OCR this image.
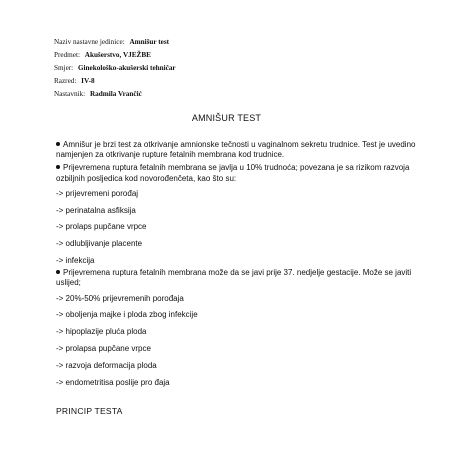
Naziv nastavne jedinice: Amnišur test
Predmet: Akušerstvo, VJEŽBE
Smjer: Ginekološko-akušerski tehničar
Razred: IV-8
Nastavnik: Radmila Vrančić
AMNIŠUR TEST

Amnišur je brzi test za otkrivanje amnionske tečnosti u vaginalnom sekretu trudnice. Test je uvedino namjenjen za otkrivanje rupture fetalnih membrana kod trudnice.

Prijevremena ruptura fetalnih membrana se javlja u 10% trudnoća; povezana je sa rizikom razvoja ozbiljnih posljedica kod novorođenčeta, kao što su:

-> prijevremeni porođaj
-> perinatalna asfiksija
-> prolaps pupčane vrpce
-> odlubljivanje placente
-> infekcija

Prijevremena ruptura fetalnih membrana može da se javi prije 37. nedjelje gestacije. Može se javiti uslijed;

-> 20%-50% prijevremenih porođaja
-> oboljenja majke i ploda zbog infekcije
-> hipoplazije pluća ploda
-> prolapsa pupčane vrpce
-> razvoja deformacija ploda
-> endometritisa poslije pro đaja
PRINCIP TESTA
